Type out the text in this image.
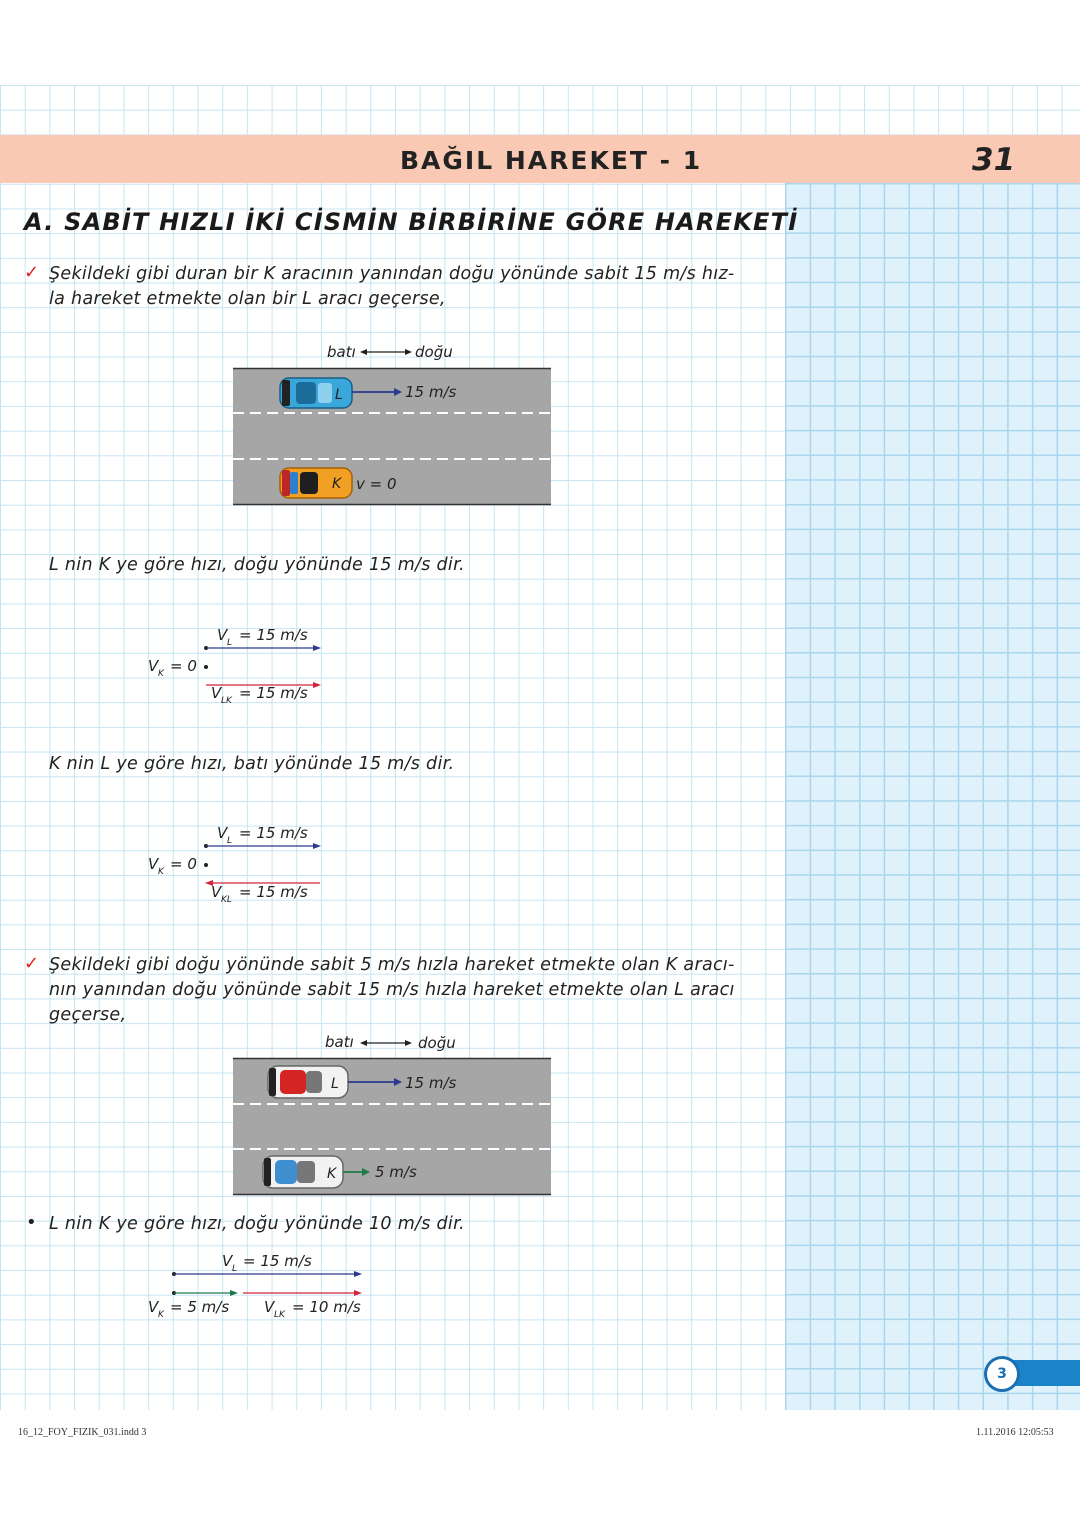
BAĞIL HAREKET - 1	31
A. SABİT HIZLI İKİ CİSMİN BİRBİRİNE GÖRE HAREKETİ
✓ Şekildeki gibi duran bir K aracının yanından doğu yönünde sabit 15 m/s hız-
la hareket etmekte olan bir L aracı geçerse,
batı	doğu
L	15 m/s
K v = 0
L nin K ye göre hızı, doğu yönünde 15 m/s dir.
V L = 15 m/s
V K = 0
V LK = 15 m/s
K nin L ye göre hızı, batı yönünde 15 m/s dir.
V L = 15 m/s
V K = 0
V KL = 15 m/s
✓ Şekildeki gibi doğu yönünde sabit 5 m/s hızla hareket etmekte olan K aracı-
nın yanından doğu yönünde sabit 15 m/s hızla hareket etmekte olan L aracı
geçerse,
batı	doğu
L	15 m/s
K	5 m/s
• L nin K ye göre hızı, doğu yönünde 10 m/s dir.
V L = 15 m/s
V K = 5 m/s V LK = 10 m/s
3
16_12_FOY_FIZIK_031.indd 3	1.11.2016 12:05:53
